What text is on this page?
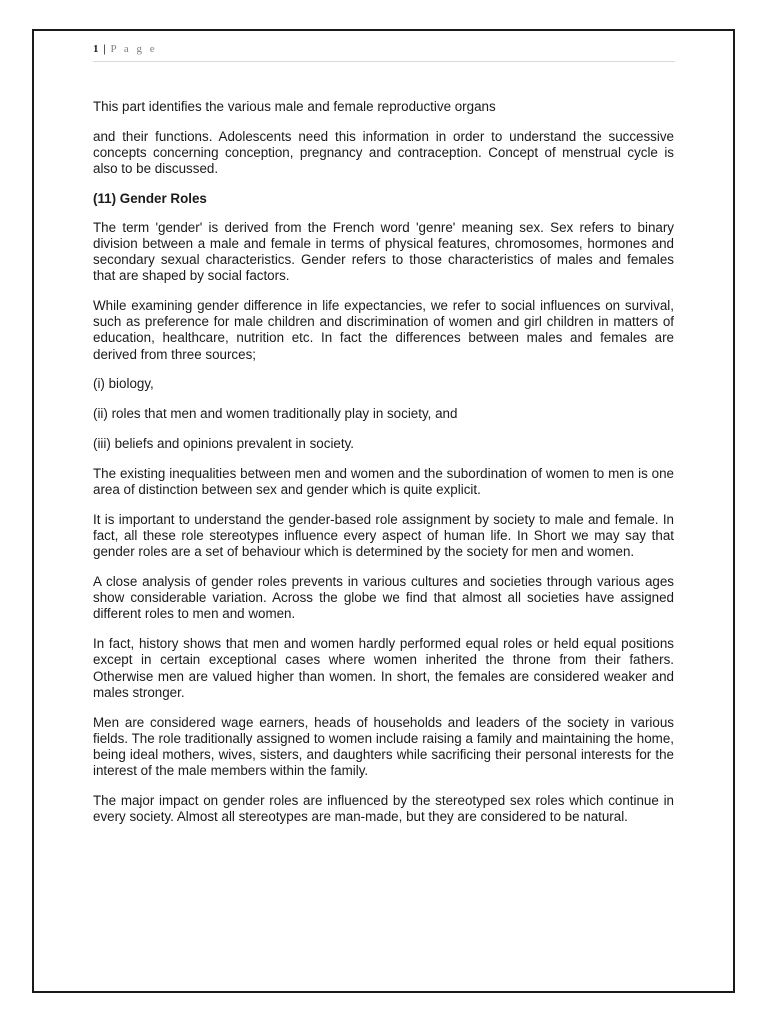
1 | P a g e

This part identifies the various male and female reproductive organs

and their functions. Adolescents need this information in order to understand the successive concepts concerning conception, pregnancy and contraception. Concept of menstrual cycle is also to be discussed.

(11) Gender Roles

The term 'gender' is derived from the French word 'genre' meaning sex. Sex refers to binary division between a male and female in terms of physical features, chromosomes, hormones and secondary sexual characteristics. Gender refers to those characteristics of males and females that are shaped by social factors.

While examining gender difference in life expectancies, we refer to social influences on survival, such as preference for male children and discrimination of women and girl children in matters of education, healthcare, nutrition etc. In fact the differences between males and females are derived from three sources;

(i) biology,

(ii) roles that men and women traditionally play in society, and

(iii) beliefs and opinions prevalent in society.

The existing inequalities between men and women and the subordination of women to men is one area of distinction between sex and gender which is quite explicit.

It is important to understand the gender-based role assignment by society to male and female. In fact, all these role stereotypes influence every aspect of human life. In Short we may say that gender roles are a set of behaviour which is determined by the society for men and women.

A close analysis of gender roles prevents in various cultures and societies through various ages show considerable variation. Across the globe we find that almost all societies have assigned different roles to men and women.

In fact, history shows that men and women hardly performed equal roles or held equal positions except in certain exceptional cases where women inherited the throne from their fathers. Otherwise men are valued higher than women. In short, the females are considered weaker and males stronger.

Men are considered wage earners, heads of households and leaders of the society in various fields. The role traditionally assigned to women include raising a family and maintaining the home, being ideal mothers, wives, sisters, and daughters while sacrificing their personal interests for the interest of the male members within the family.

The major impact on gender roles are influenced by the stereotyped sex roles which continue in every society. Almost all stereotypes are man-made, but they are considered to be natural.
